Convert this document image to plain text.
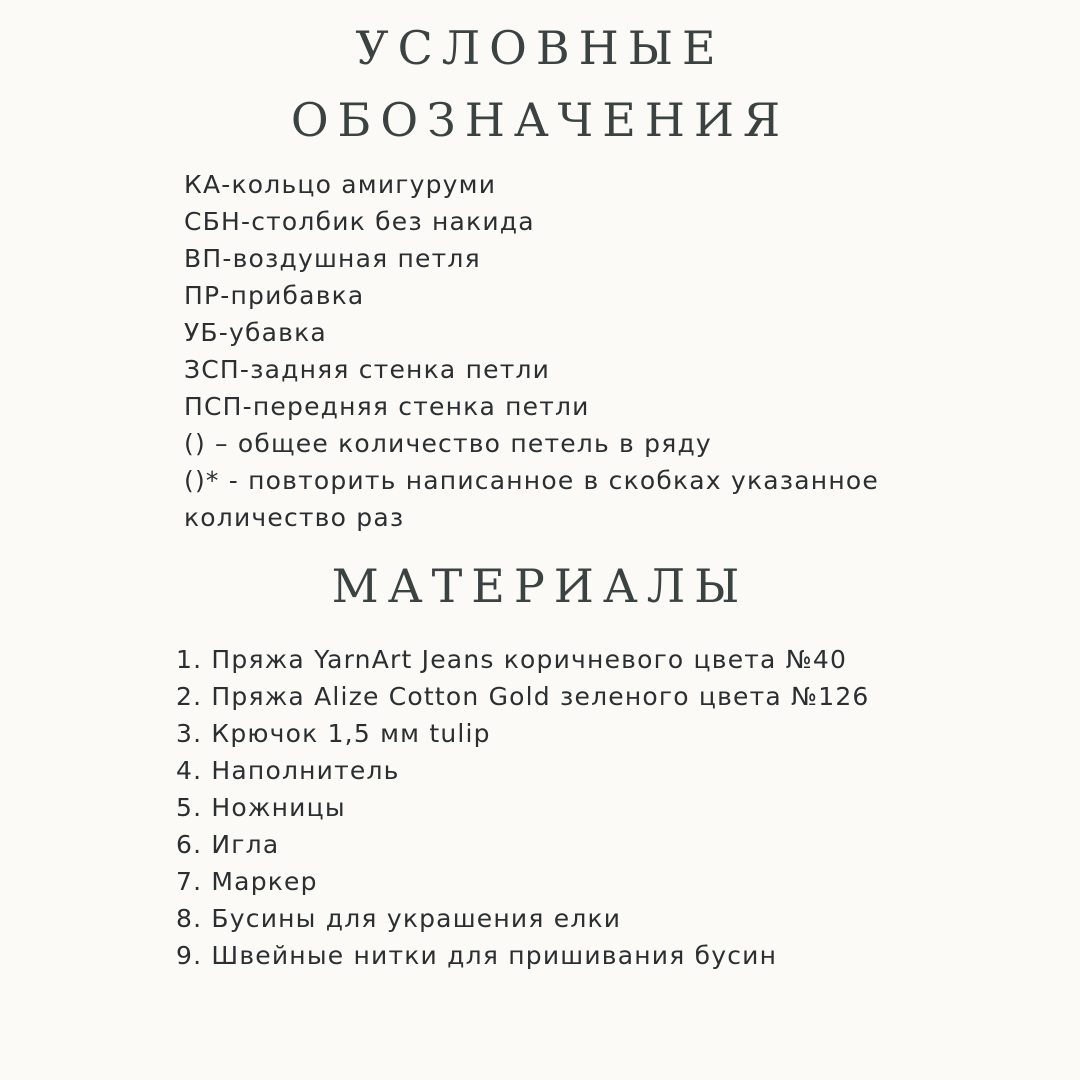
УСЛОВНЫЕ
ОБОЗНАЧЕНИЯ
КА-кольцо амигуруми
СБН-столбик без накида
ВП-воздушная петля
ПР-прибавка
УБ-убавка
ЗСП-задняя стенка петли
ПСП-передняя стенка петли
() – общее количество петель в ряду
()* - повторить написанное в скобках указанное
количество раз
МАТЕРИАЛЫ
1. Пряжа YarnArt Jeans коричневого цвета №40
2. Пряжа Alize Cotton Gold зеленого цвета №126
3. Крючок 1,5 мм tulip
4. Наполнитель
5. Ножницы
6. Игла
7. Маркер
8. Бусины для украшения елки
9. Швейные нитки для пришивания бусин
